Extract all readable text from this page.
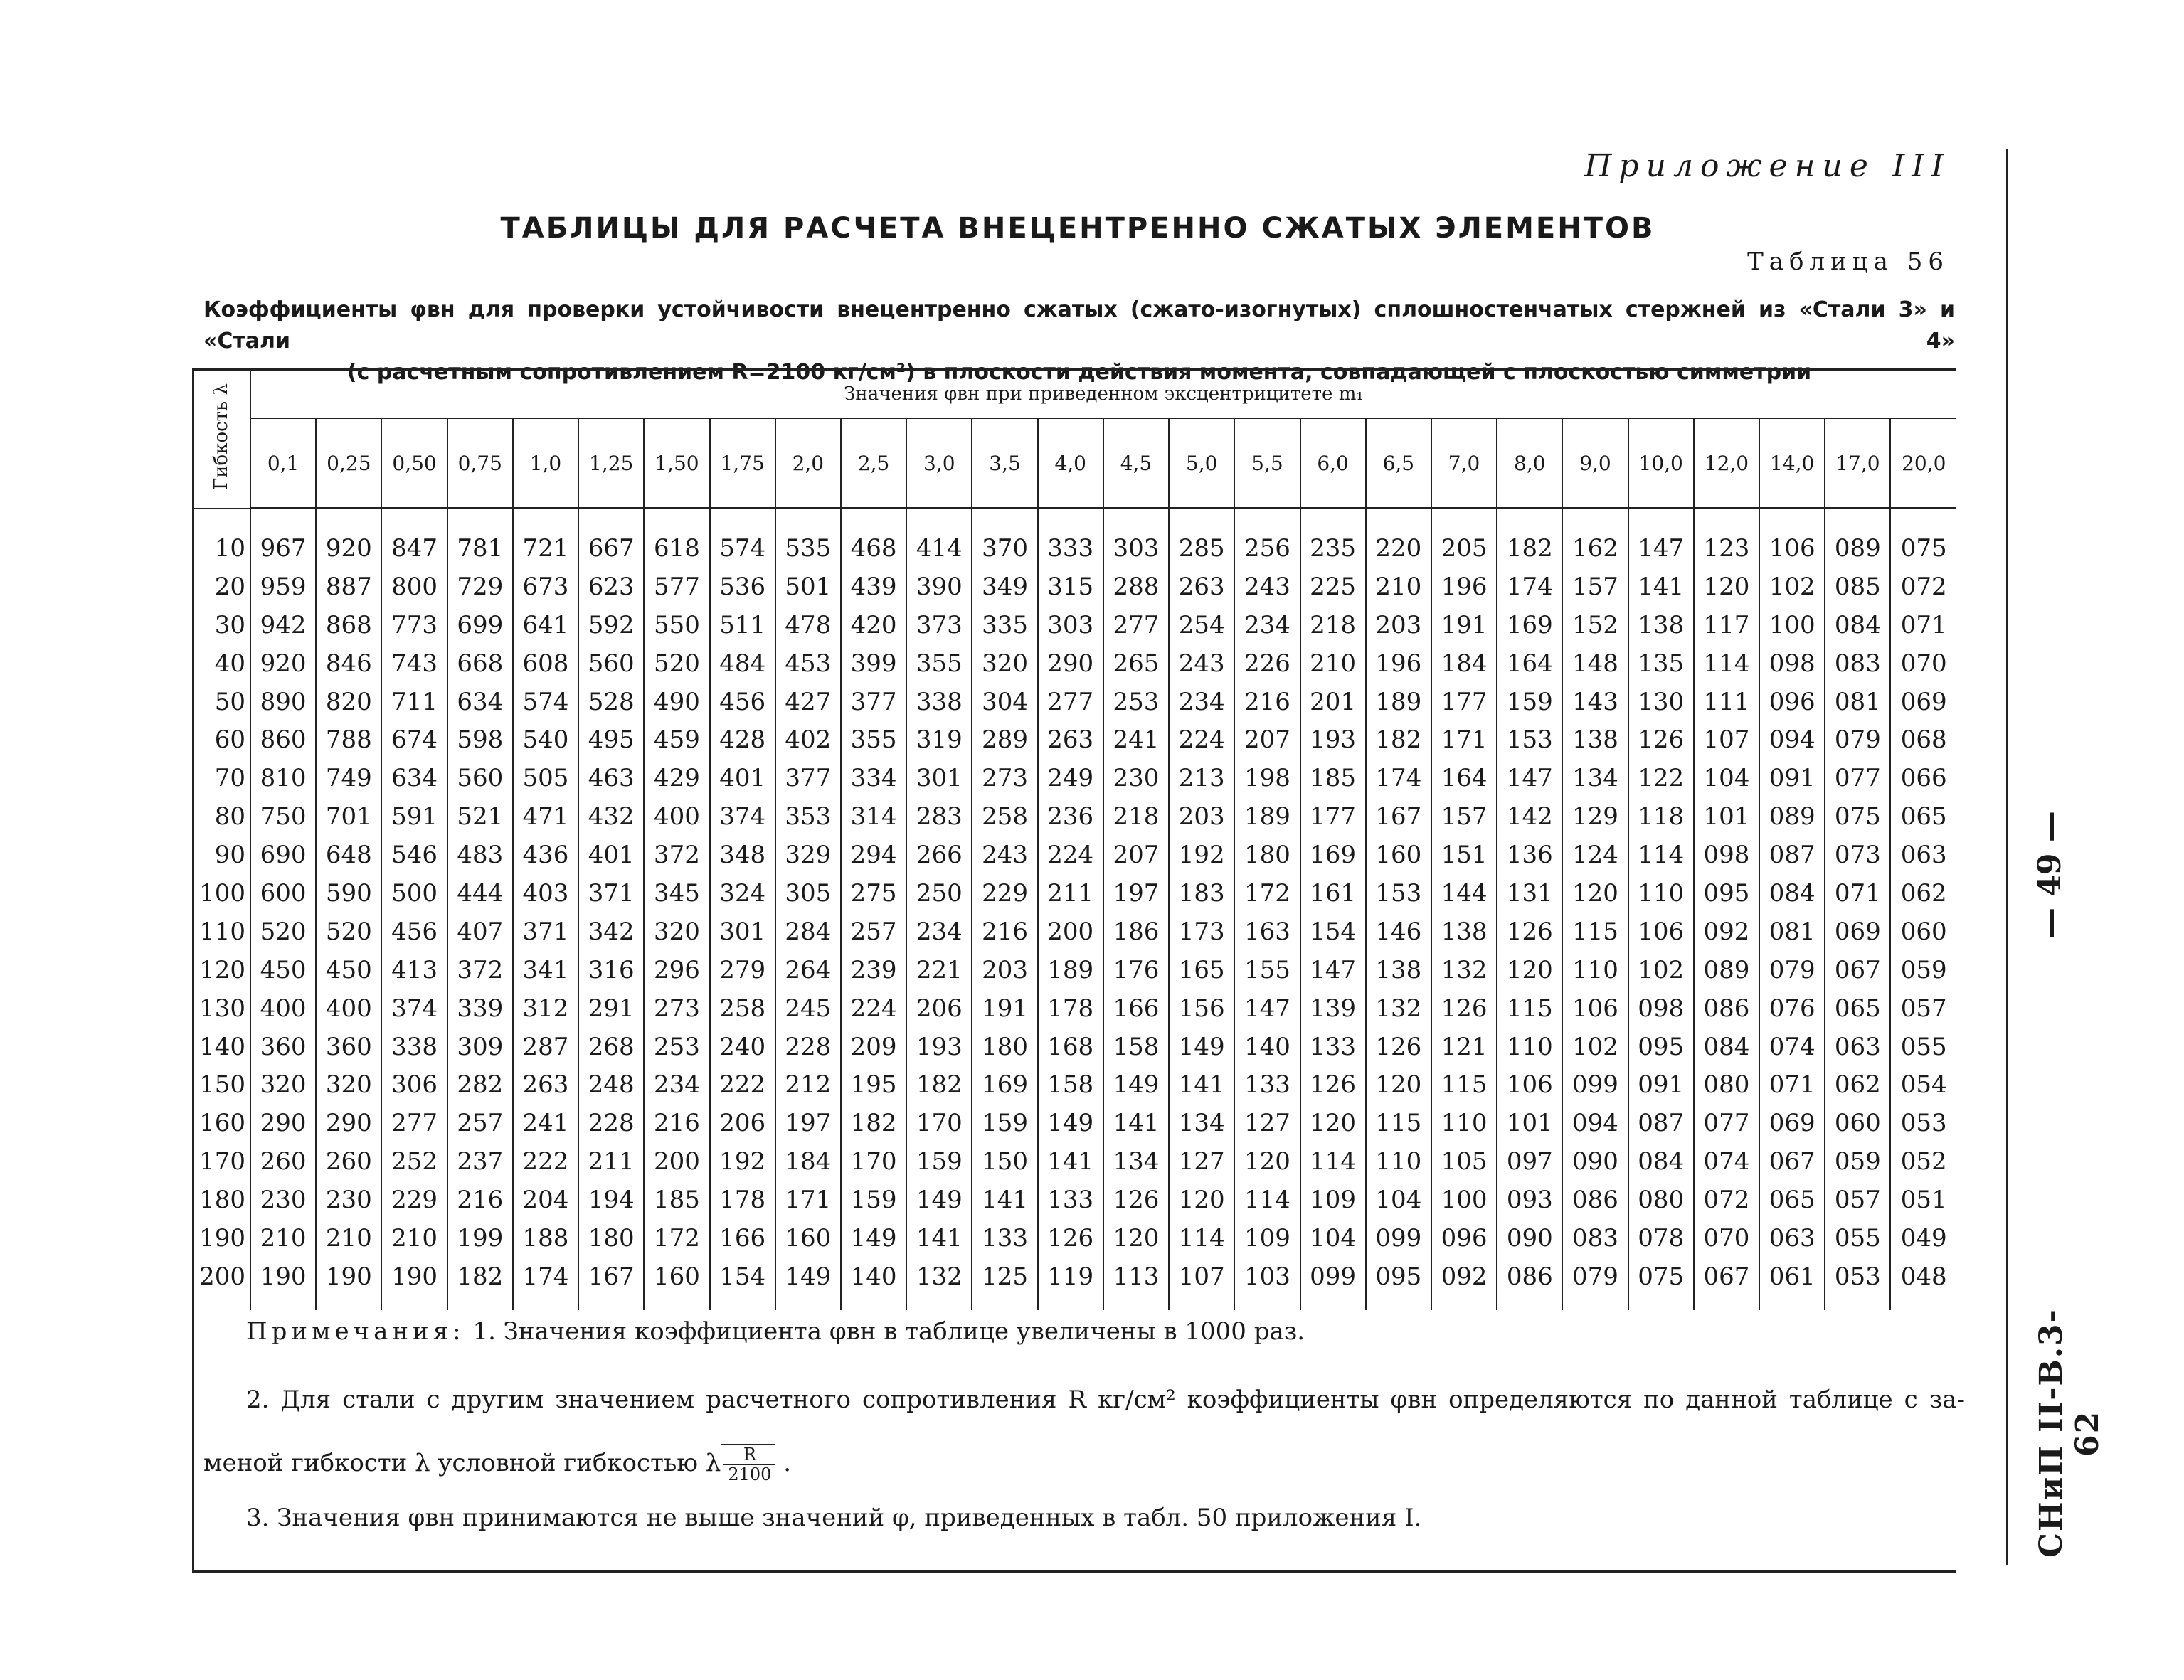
Приложение III
ТАБЛИЦЫ ДЛЯ РАСЧЕТА ВНЕЦЕНТРЕННО СЖАТЫХ ЭЛЕМЕНТОВ
Таблица 56
Коэффициенты φвн для проверки устойчивости внецентренно сжатых (сжато-изогнутых) сплошностенчатых стержней из «Стали 3» и «Стали 4»
(с расчетным сопротивлением R=2100 кг/см²) в плоскости действия момента, совпадающей с плоскостью симметрии
— 49 —
СНиП II-В.3-62
Гибкость λ	Значения φвн при приведенном эксцентрицитете m₁																									
	0,1	0,25	0,50	0,75	1,0	1,25	1,50	1,75	2,0	2,5	3,0	3,5	4,0	4,5	5,0	5,5	6,0	6,5	7,0	8,0	9,0	10,0	12,0	14,0	17,0	20,0
10	967	920	847	781	721	667	618	574	535	468	414	370	333	303	285	256	235	220	205	182	162	147	123	106	089	075
20	959	887	800	729	673	623	577	536	501	439	390	349	315	288	263	243	225	210	196	174	157	141	120	102	085	072
30	942	868	773	699	641	592	550	511	478	420	373	335	303	277	254	234	218	203	191	169	152	138	117	100	084	071
40	920	846	743	668	608	560	520	484	453	399	355	320	290	265	243	226	210	196	184	164	148	135	114	098	083	070
50	890	820	711	634	574	528	490	456	427	377	338	304	277	253	234	216	201	189	177	159	143	130	111	096	081	069
60	860	788	674	598	540	495	459	428	402	355	319	289	263	241	224	207	193	182	171	153	138	126	107	094	079	068
70	810	749	634	560	505	463	429	401	377	334	301	273	249	230	213	198	185	174	164	147	134	122	104	091	077	066
80	750	701	591	521	471	432	400	374	353	314	283	258	236	218	203	189	177	167	157	142	129	118	101	089	075	065
90	690	648	546	483	436	401	372	348	329	294	266	243	224	207	192	180	169	160	151	136	124	114	098	087	073	063
100	600	590	500	444	403	371	345	324	305	275	250	229	211	197	183	172	161	153	144	131	120	110	095	084	071	062
110	520	520	456	407	371	342	320	301	284	257	234	216	200	186	173	163	154	146	138	126	115	106	092	081	069	060
120	450	450	413	372	341	316	296	279	264	239	221	203	189	176	165	155	147	138	132	120	110	102	089	079	067	059
130	400	400	374	339	312	291	273	258	245	224	206	191	178	166	156	147	139	132	126	115	106	098	086	076	065	057
140	360	360	338	309	287	268	253	240	228	209	193	180	168	158	149	140	133	126	121	110	102	095	084	074	063	055
150	320	320	306	282	263	248	234	222	212	195	182	169	158	149	141	133	126	120	115	106	099	091	080	071	062	054
160	290	290	277	257	241	228	216	206	197	182	170	159	149	141	134	127	120	115	110	101	094	087	077	069	060	053
170	260	260	252	237	222	211	200	192	184	170	159	150	141	134	127	120	114	110	105	097	090	084	074	067	059	052
180	230	230	229	216	204	194	185	178	171	159	149	141	133	126	120	114	109	104	100	093	086	080	072	065	057	051
190	210	210	210	199	188	180	172	166	160	149	141	133	126	120	114	109	104	099	096	090	083	078	070	063	055	049
200	190	190	190	182	174	167	160	154	149	140	132	125	119	113	107	103	099	095	092	086	079	075	067	061	053	048
Примечания: 1. Значения коэффициента φвн в таблице увеличены в 1000 раз.
2. Для стали с другим значением расчетного сопротивления R кг/см² коэффициенты φвн определяются по данной таблице с за-
меной гибкости λ условной гибкостью λ $\frac{R}{2100}$ .
3. Значения φвн принимаются не выше значений φ, приведенных в табл. 50 приложения I.
